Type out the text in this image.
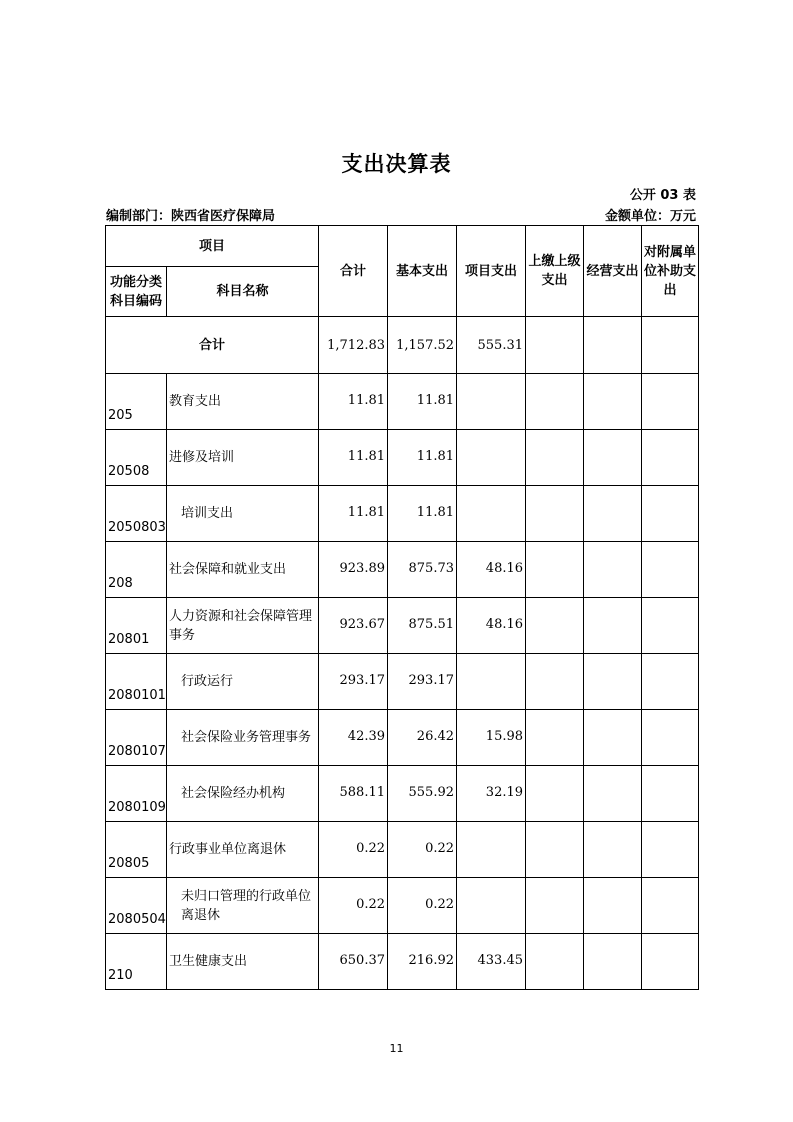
支出决算表
公开 03 表
编制部门：陕西省医疗保障局	金额单位：万元
项目		合计	基本支出	项目支出	上缴上级支出	经营支出	对附属单位补助支出
功能分类科目编码	科目名称						
合计		1,712.83	1,157.52	555.31			
205	教育支出	11.81	11.81				
20508	进修及培训	11.81	11.81				
2050803	培训支出	11.81	11.81				
208	社会保障和就业支出	923.89	875.73	48.16			
20801	人力资源和社会保障管理事务	923.67	875.51	48.16			
2080101	行政运行	293.17	293.17				
2080107	社会保险业务管理事务	42.39	26.42	15.98			
2080109	社会保险经办机构	588.11	555.92	32.19			
20805	行政事业单位离退休	0.22	0.22				
2080504	未归口管理的行政单位离退休	0.22	0.22				
210	卫生健康支出	650.37	216.92	433.45			
11
